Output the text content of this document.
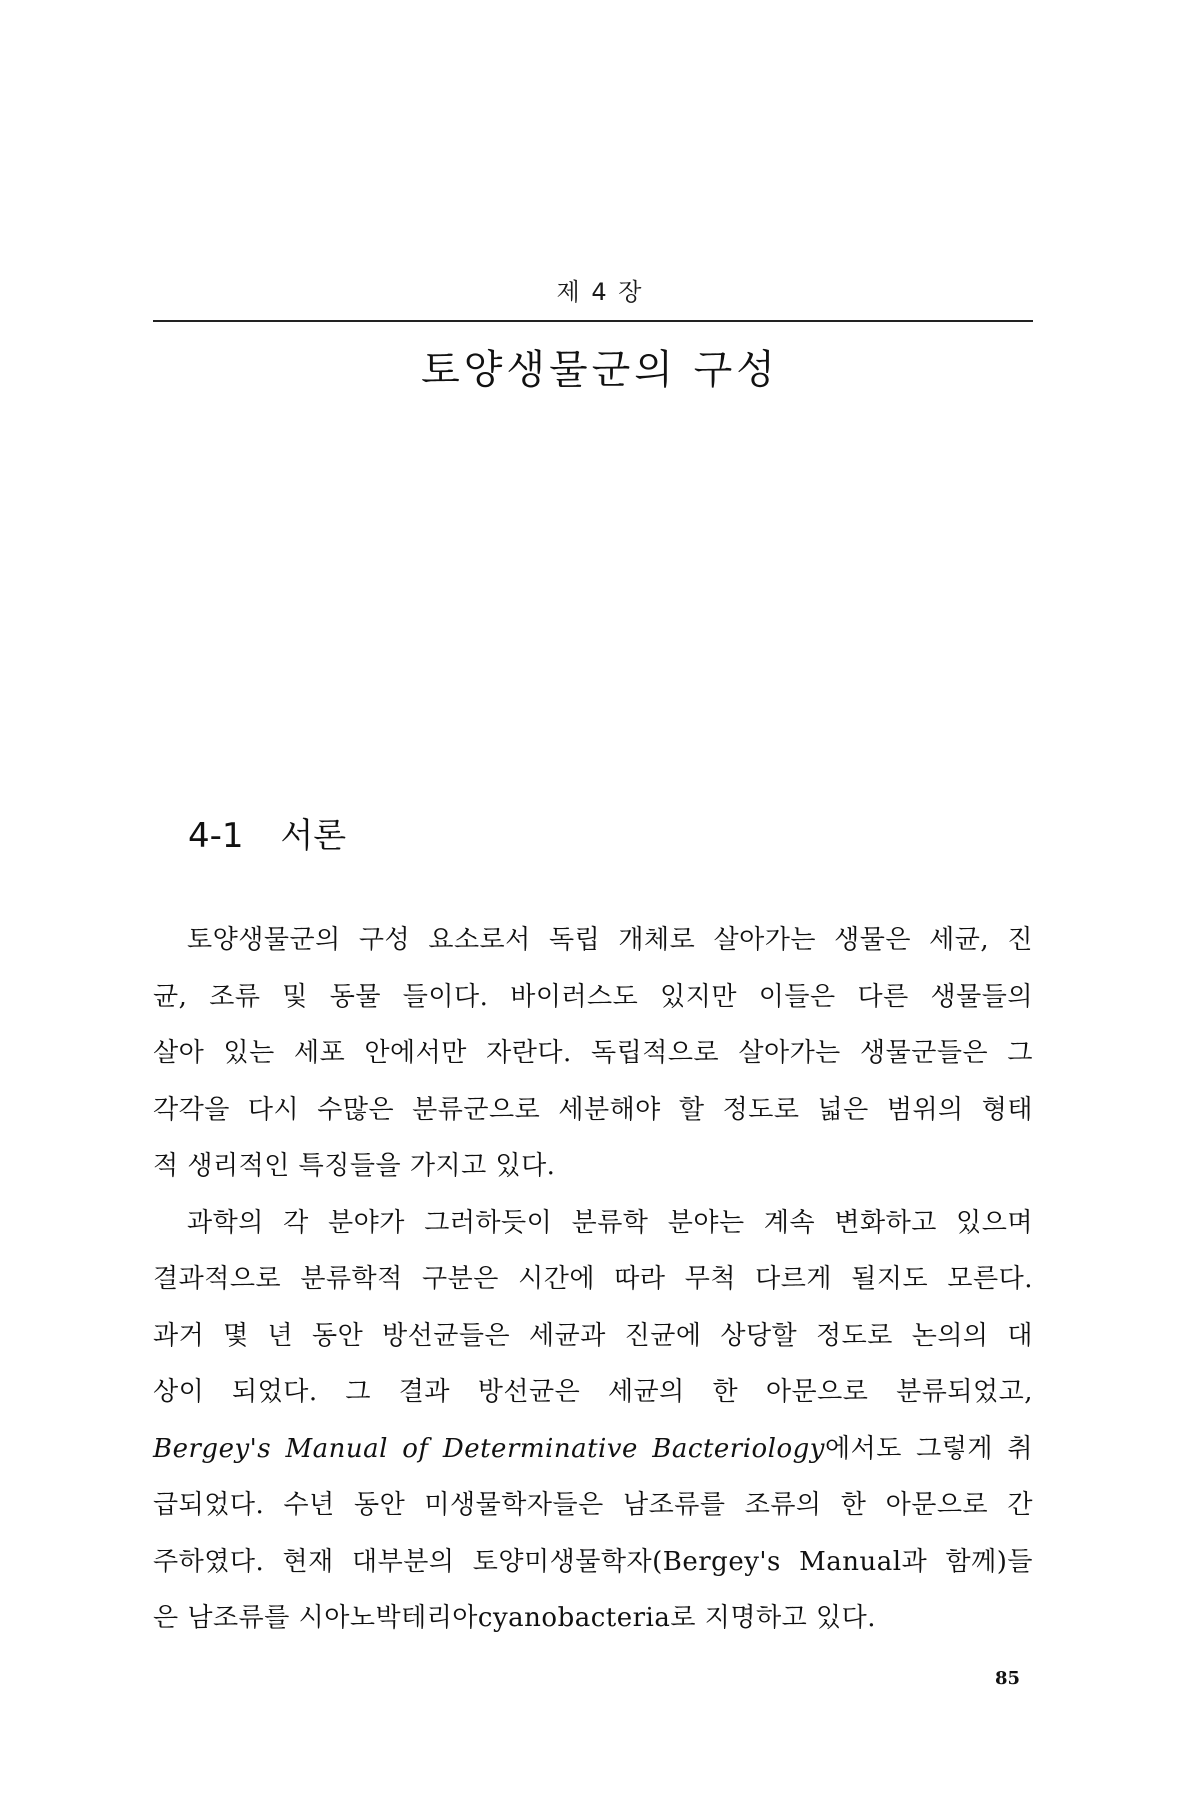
제 4 장
토양생물군의 구성
4-1 서론
토양생물군의 구성 요소로서 독립 개체로 살아가는 생물은 세균, 진
균, 조류 및 동물 들이다. 바이러스도 있지만 이들은 다른 생물들의
살아 있는 세포 안에서만 자란다. 독립적으로 살아가는 생물군들은 그
각각을 다시 수많은 분류군으로 세분해야 할 정도로 넓은 범위의 형태
적 생리적인 특징들을 가지고 있다.
과학의 각 분야가 그러하듯이 분류학 분야는 계속 변화하고 있으며
결과적으로 분류학적 구분은 시간에 따라 무척 다르게 될지도 모른다.
과거 몇 년 동안 방선균들은 세균과 진균에 상당할 정도로 논의의 대
상이 되었다. 그 결과 방선균은 세균의 한 아문으로 분류되었고,
Bergey's Manual of Determinative Bacteriology에서도 그렇게 취
급되었다. 수년 동안 미생물학자들은 남조류를 조류의 한 아문으로 간
주하였다. 현재 대부분의 토양미생물학자(Bergey's Manual과 함께)들
은 남조류를 시아노박테리아cyanobacteria로 지명하고 있다.
85
